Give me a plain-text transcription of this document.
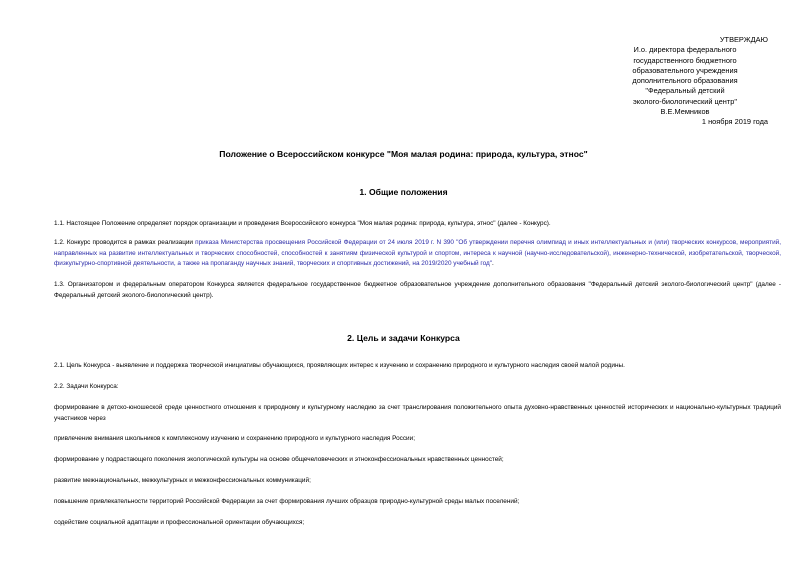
УТВЕРЖДАЮ
И.о. директора федерального
государственного бюджетного
образовательного учреждения
дополнительного образования
"Федеральный детский
эколого-биологический центр"
В.Е.Мемников
1 ноября 2019 года
Положение о Всероссийском конкурсе "Моя малая родина: природа, культура, этнос"
1. Общие положения
1.1. Настоящее Положение определяет порядок организации и проведения Всероссийского конкурса "Моя малая родина: природа, культура, этнос" (далее - Конкурс).
1.2. Конкурс проводится в рамках реализации приказа Министерства просвещения Российской Федерации от 24 июля 2019 г. N 390 "Об утверждении перечня олимпиад и иных интеллектуальных и (или) творческих конкурсов, мероприятий, направленных на развитие интеллектуальных и творческих способностей, способностей к занятиям физической культурой и спортом, интереса к научной (научно-исследовательской), инженерно-технической, изобретательской, творческой, физкультурно-спортивной деятельности, а также на пропаганду научных знаний, творческих и спортивных достижений, на 2019/2020 учебный год".
1.3. Организатором и федеральным оператором Конкурса является федеральное государственное бюджетное образовательное учреждение дополнительного образования "Федеральный детский эколого-биологический центр" (далее - Федеральный детский эколого-биологический центр).
2. Цель и задачи Конкурса
2.1. Цель Конкурса - выявление и поддержка творческой инициативы обучающихся, проявляющих интерес к изучению и сохранению природного и культурного наследия своей малой родины.
2.2. Задачи Конкурса:
формирование в детско-юношеской среде ценностного отношения к природному и культурному наследию за счет транслирования положительного опыта духовно-нравственных ценностей исторических и национально-культурных традиций участников через
привлечение внимания школьников к комплексному изучению и сохранению природного и культурного наследия России;
формирование у подрастающего поколения экологической культуры на основе общечеловеческих и этноконфессиональных нравственных ценностей;
развитие межнациональных, межкультурных и межконфессиональных коммуникаций;
повышение привлекательности территорий Российской Федерации за счет формирования лучших образцов природно-культурной среды малых поселений;
содействие социальной адаптации и профессиональной ориентации обучающихся;
